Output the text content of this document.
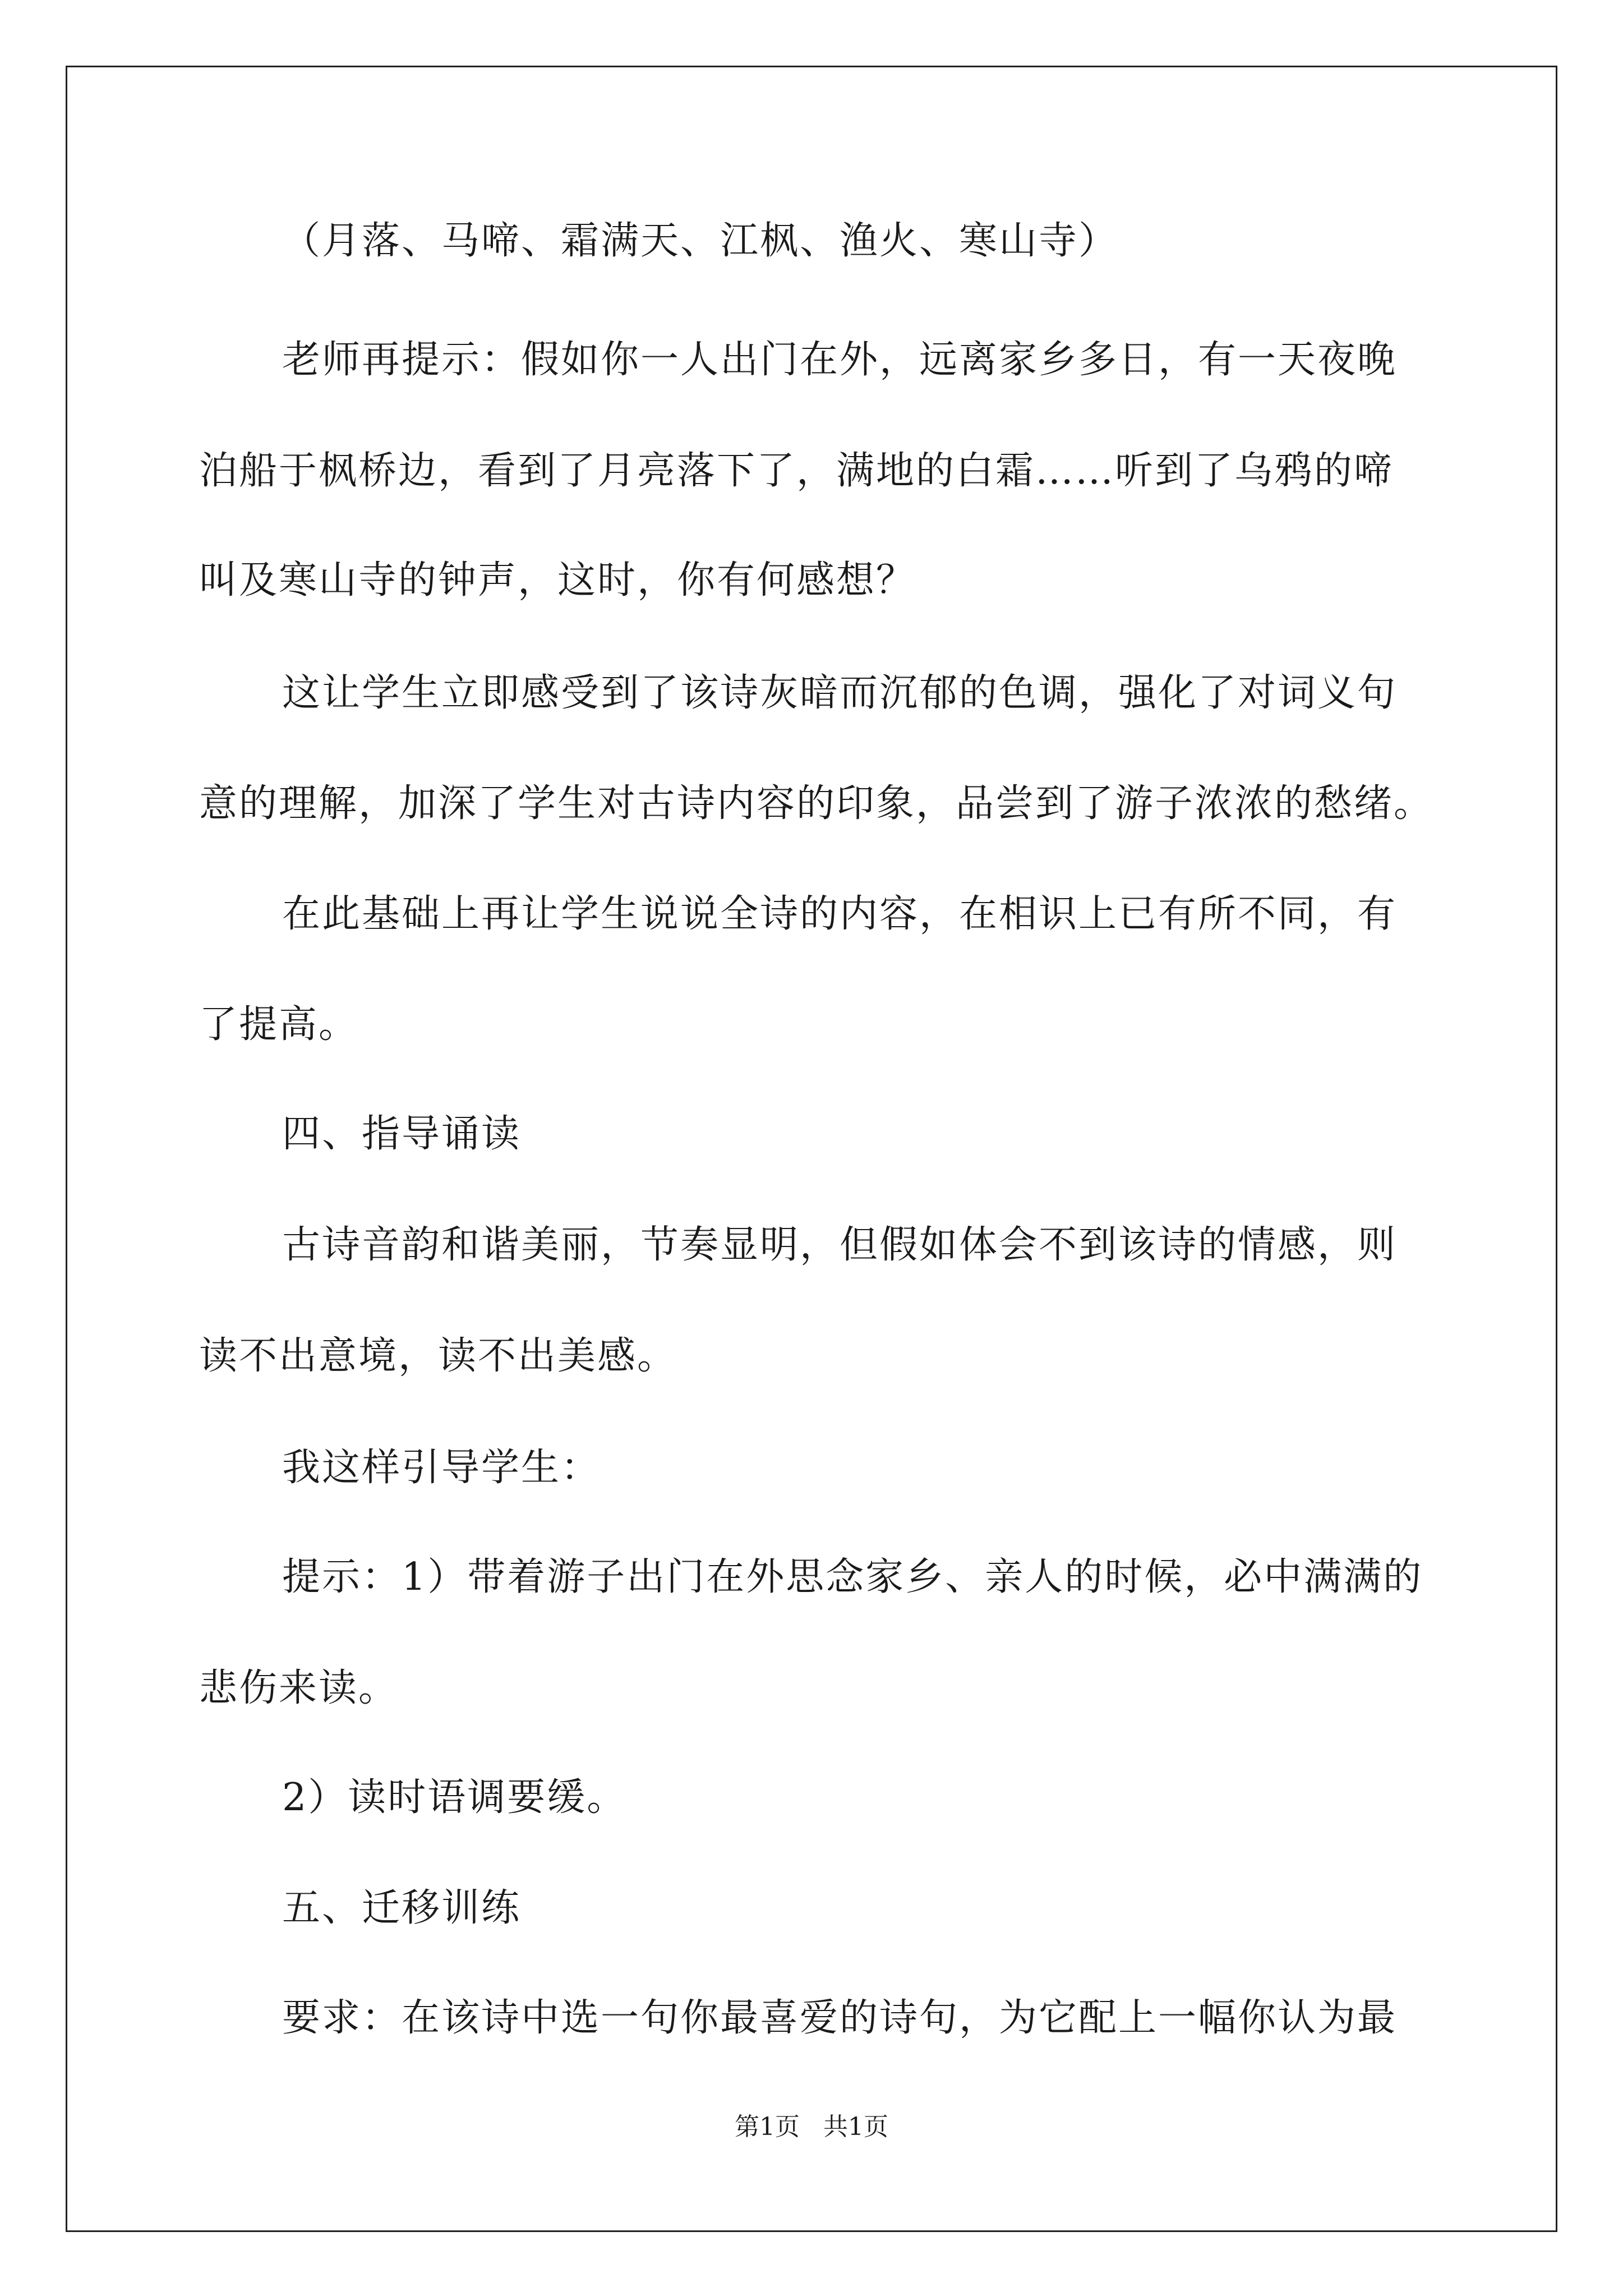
（月落、马啼、霜满天、江枫、渔火、寒山寺）
老师再提示：假如你一人出门在外，远离家乡多日，有一天夜晚
泊船于枫桥边，看到了月亮落下了，满地的白霜……听到了乌鸦的啼
叫及寒山寺的钟声，这时，你有何感想？
这让学生立即感受到了该诗灰暗而沉郁的色调，强化了对词义句
意的理解，加深了学生对古诗内容的印象，品尝到了游子浓浓的愁绪。
在此基础上再让学生说说全诗的内容，在相识上已有所不同，有
了提高。
四、指导诵读
古诗音韵和谐美丽，节奏显明，但假如体会不到该诗的情感，则
读不出意境，读不出美感。
我这样引导学生：
提示：1）带着游子出门在外思念家乡、亲人的时候，必中满满的
悲伤来读。
2）读时语调要缓。
五、迁移训练
要求：在该诗中选一句你最喜爱的诗句，为它配上一幅你认为最
第1页 共1页
